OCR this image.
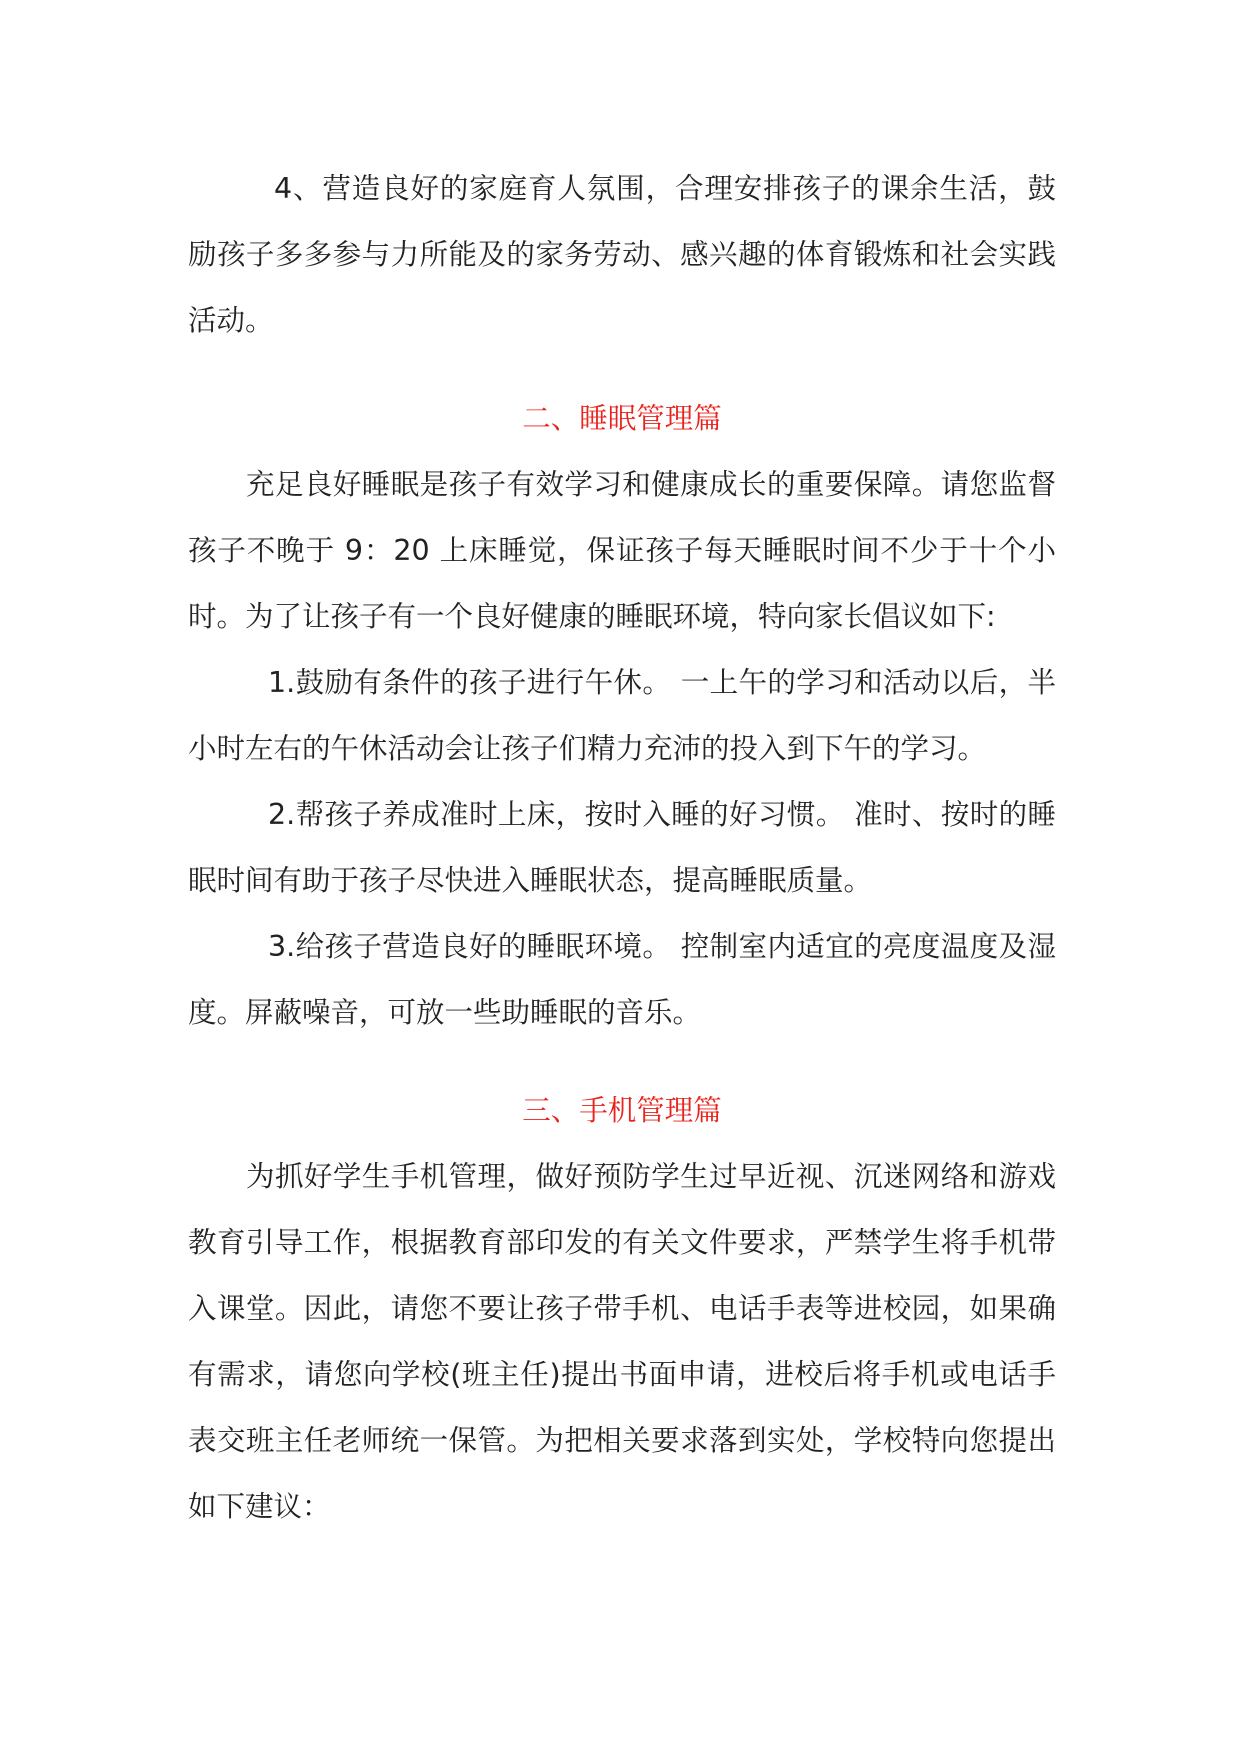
4、营造良好的家庭育人氛围，合理安排孩子的课余生活，鼓励孩子多多参与力所能及的家务劳动、感兴趣的体育锻炼和社会实践活动。

二、睡眠管理篇

充足良好睡眠是孩子有效学习和健康成长的重要保障。请您监督孩子不晚于 9：20 上床睡觉，保证孩子每天睡眠时间不少于十个小时。为了让孩子有一个良好健康的睡眠环境，特向家长倡议如下:

1.鼓励有条件的孩子进行午休。 一上午的学习和活动以后，半小时左右的午休活动会让孩子们精力充沛的投入到下午的学习。

2.帮孩子养成准时上床，按时入睡的好习惯。 准时、按时的睡眠时间有助于孩子尽快进入睡眠状态，提高睡眠质量。

3.给孩子营造良好的睡眠环境。 控制室内适宜的亮度温度及湿度。屏蔽噪音，可放一些助睡眠的音乐。

三、手机管理篇

为抓好学生手机管理，做好预防学生过早近视、沉迷网络和游戏教育引导工作，根据教育部印发的有关文件要求，严禁学生将手机带入课堂。因此，请您不要让孩子带手机、电话手表等进校园，如果确有需求，请您向学校(班主任)提出书面申请，进校后将手机或电话手表交班主任老师统一保管。为把相关要求落到实处，学校特向您提出如下建议：
